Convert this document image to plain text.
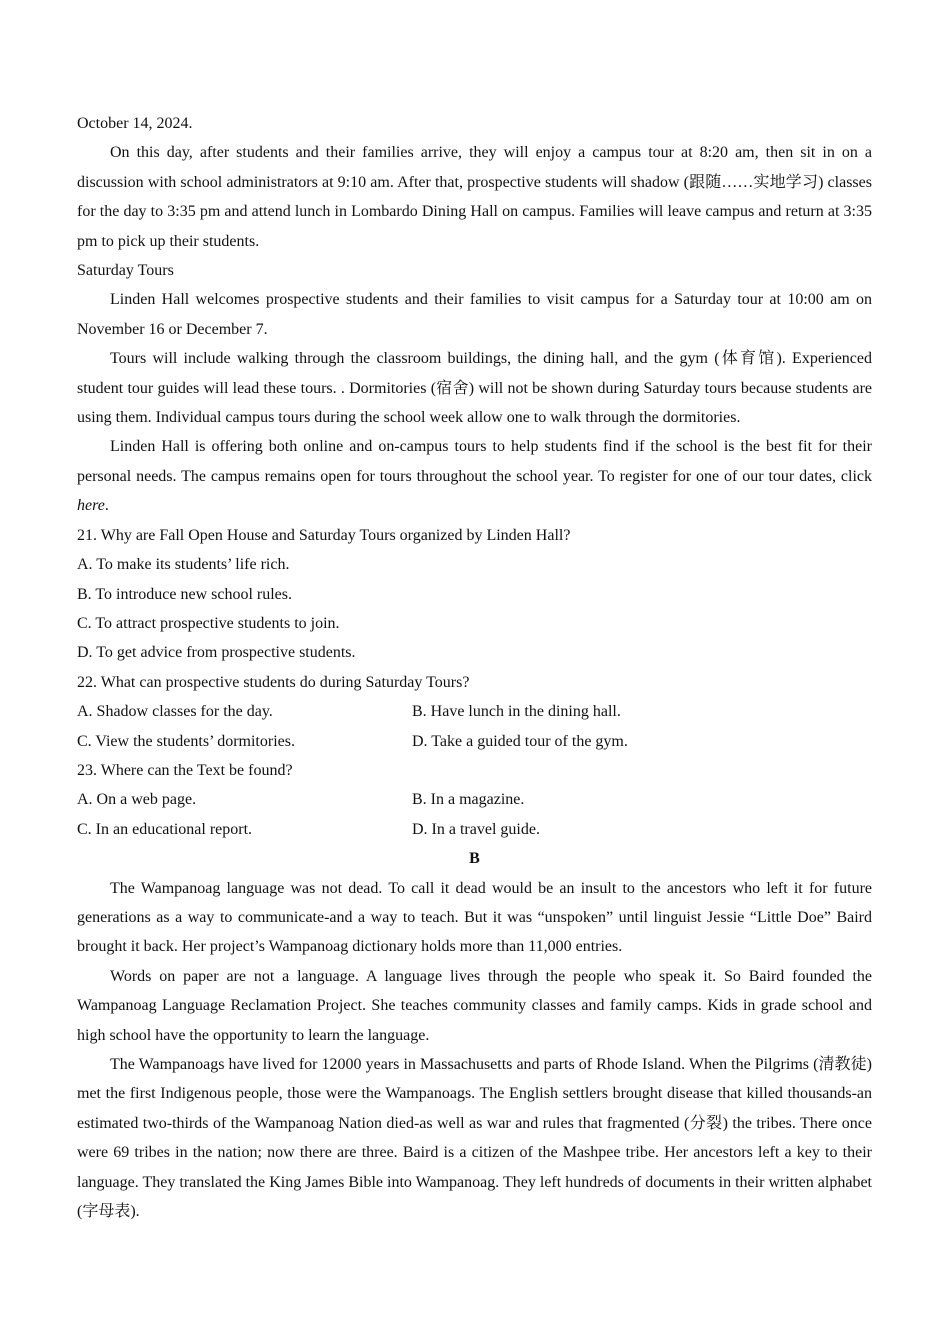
October 14, 2024.

On this day, after students and their families arrive, they will enjoy a campus tour at 8:20 am, then sit in on a discussion with school administrators at 9:10 am. After that, prospective students will shadow (跟随……实地学习) classes for the day to 3:35 pm and attend lunch in Lombardo Dining Hall on campus. Families will leave campus and return at 3:35 pm to pick up their students.

Saturday Tours

Linden Hall welcomes prospective students and their families to visit campus for a Saturday tour at 10:00 am on November 16 or December 7.

Tours will include walking through the classroom buildings, the dining hall, and the gym (体育馆). Experienced student tour guides will lead these tours. . Dormitories (宿舍) will not be shown during Saturday tours because students are using them. Individual campus tours during the school week allow one to walk through the dormitories.

Linden Hall is offering both online and on-campus tours to help students find if the school is the best fit for their personal needs. The campus remains open for tours throughout the school year. To register for one of our tour dates, click here.

21. Why are Fall Open House and Saturday Tours organized by Linden Hall?

A. To make its students’ life rich.

B. To introduce new school rules.

C. To attract prospective students to join.

D. To get advice from prospective students.

22. What can prospective students do during Saturday Tours?

A. Shadow classes for the day.	B. Have lunch in the dining hall.
C. View the students’ dormitories.	D. Take a guided tour of the gym.

23. Where can the Text be found?

A. On a web page.	B. In a magazine.
C. In an educational report.	D. In a travel guide.

B

The Wampanoag language was not dead. To call it dead would be an insult to the ancestors who left it for future generations as a way to communicate-and a way to teach. But it was “unspoken” until linguist Jessie “Little Doe” Baird brought it back. Her project’s Wampanoag dictionary holds more than 11,000 entries.

Words on paper are not a language. A language lives through the people who speak it. So Baird founded the Wampanoag Language Reclamation Project. She teaches community classes and family camps. Kids in grade school and high school have the opportunity to learn the language.

The Wampanoags have lived for 12000 years in Massachusetts and parts of Rhode Island. When the Pilgrims (清教徒) met the first Indigenous people, those were the Wampanoags. The English settlers brought disease that killed thousands-an estimated two-thirds of the Wampanoag Nation died-as well as war and rules that fragmented (分裂) the tribes. There once were 69 tribes in the nation; now there are three. Baird is a citizen of the Mashpee tribe. Her ancestors left a key to their language. They translated the King James Bible into Wampanoag. They left hundreds of documents in their written alphabet (字母表).
